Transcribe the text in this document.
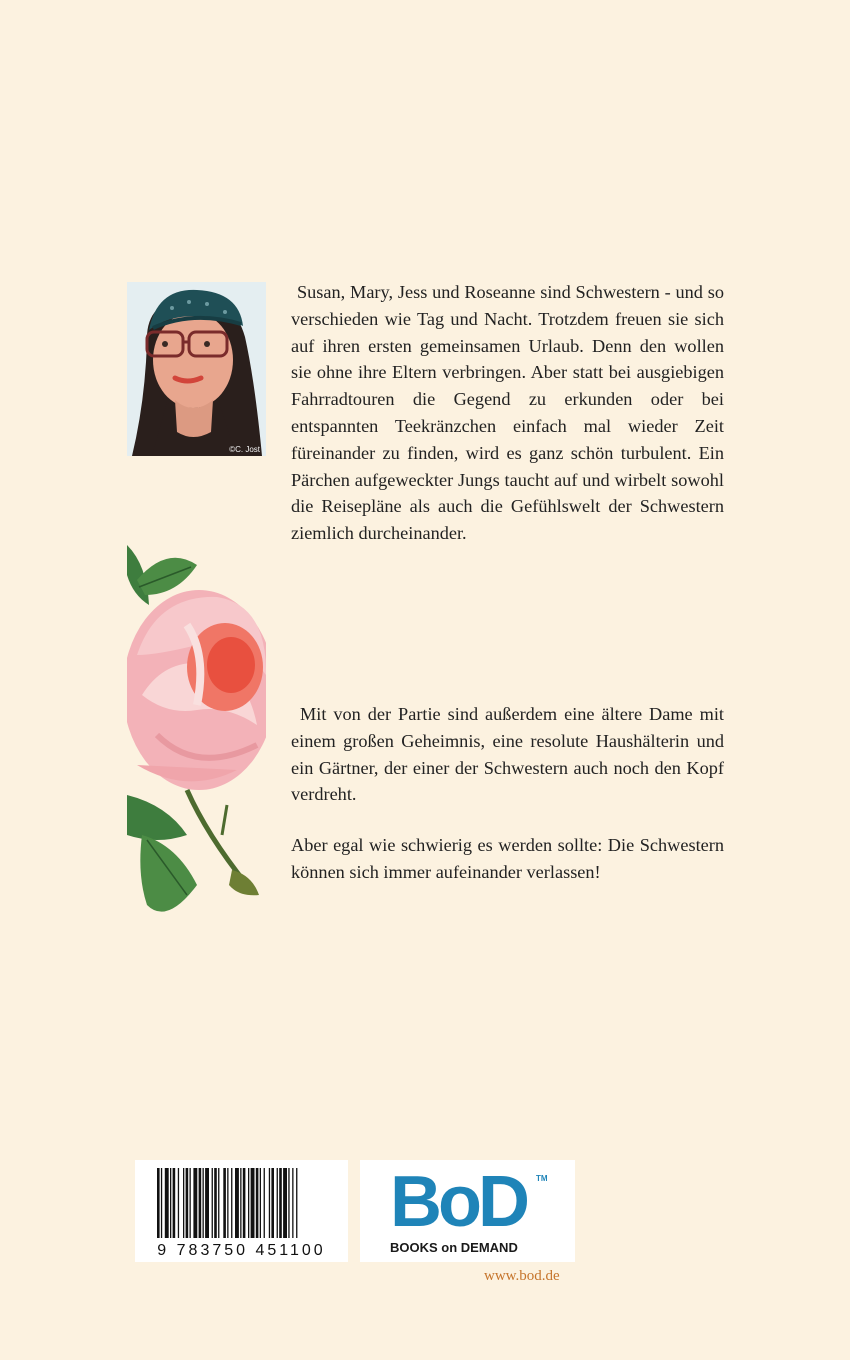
©C. Jost

Susan, Mary, Jess und Roseanne sind Schwestern - und so verschieden wie Tag und Nacht. Trotzdem freuen sie sich auf ihren ersten gemeinsamen Urlaub. Denn den wollen sie ohne ihre Eltern verbringen. Aber statt bei ausgiebigen Fahrradtouren die Gegend zu erkunden oder bei entspannten Teekränzchen einfach mal wieder Zeit füreinander zu finden, wird es ganz schön turbulent. Ein Pärchen aufgeweckter Jungs taucht auf und wirbelt sowohl die Reisepläne als auch die Gefühlswelt der Schwestern ziemlich durcheinander.

Mit von der Partie sind außerdem eine ältere Dame mit einem großen Geheimnis, eine resolute Haushälterin und ein Gärtner, der einer der Schwestern auch noch den Kopf verdreht.

Aber egal wie schwierig es werden sollte: Die Schwestern können sich immer aufeinander verlassen!

9 783750 451100
BoD TM
BOOKS on DEMAND
www.bod.de
